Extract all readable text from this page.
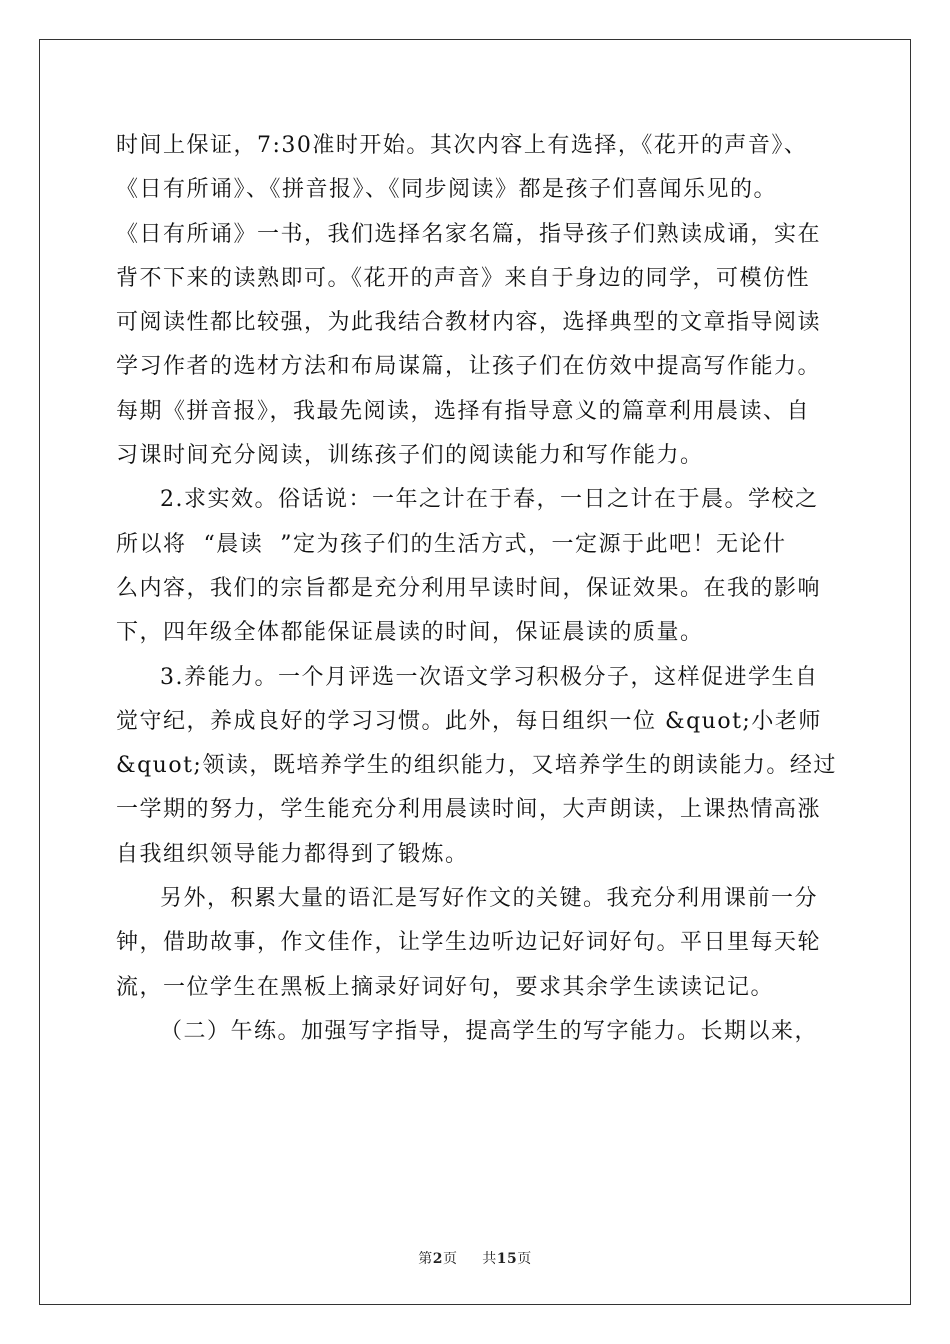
时间上保证，7:30准时开始。其次内容上有选择，《花开的声音》、
《日有所诵》、《拼音报》、《同步阅读》都是孩子们喜闻乐见的。
《日有所诵》一书，我们选择名家名篇，指导孩子们熟读成诵，实在
背不下来的读熟即可。《花开的声音》来自于身边的同学，可模仿性
可阅读性都比较强，为此我结合教材内容，选择典型的文章指导阅读
学习作者的选材方法和布局谋篇，让孩子们在仿效中提高写作能力。
每期《拼音报》，我最先阅读，选择有指导意义的篇章利用晨读、自
习课时间充分阅读，训练孩子们的阅读能力和写作能力。
2.求实效。俗话说：一年之计在于春，一日之计在于晨。学校之
所以将  “晨读  ”定为孩子们的生活方式，一定源于此吧！无论什
么内容，我们的宗旨都是充分利用早读时间，保证效果。在我的影响
下，四年级全体都能保证晨读的时间，保证晨读的质量。
3.养能力。一个月评选一次语文学习积极分子，这样促进学生自
觉守纪，养成良好的学习习惯。此外，每日组织一位 &quot;小老师
&quot;领读，既培养学生的组织能力，又培养学生的朗读能力。经过
一学期的努力，学生能充分利用晨读时间，大声朗读，上课热情高涨
自我组织领导能力都得到了锻炼。
另外，积累大量的语汇是写好作文的关键。我充分利用课前一分
钟，借助故事，作文佳作，让学生边听边记好词好句。平日里每天轮
流，一位学生在黑板上摘录好词好句，要求其余学生读读记记。
（二）午练。加强写字指导，提高学生的写字能力。长期以来，
第2页 共15页
